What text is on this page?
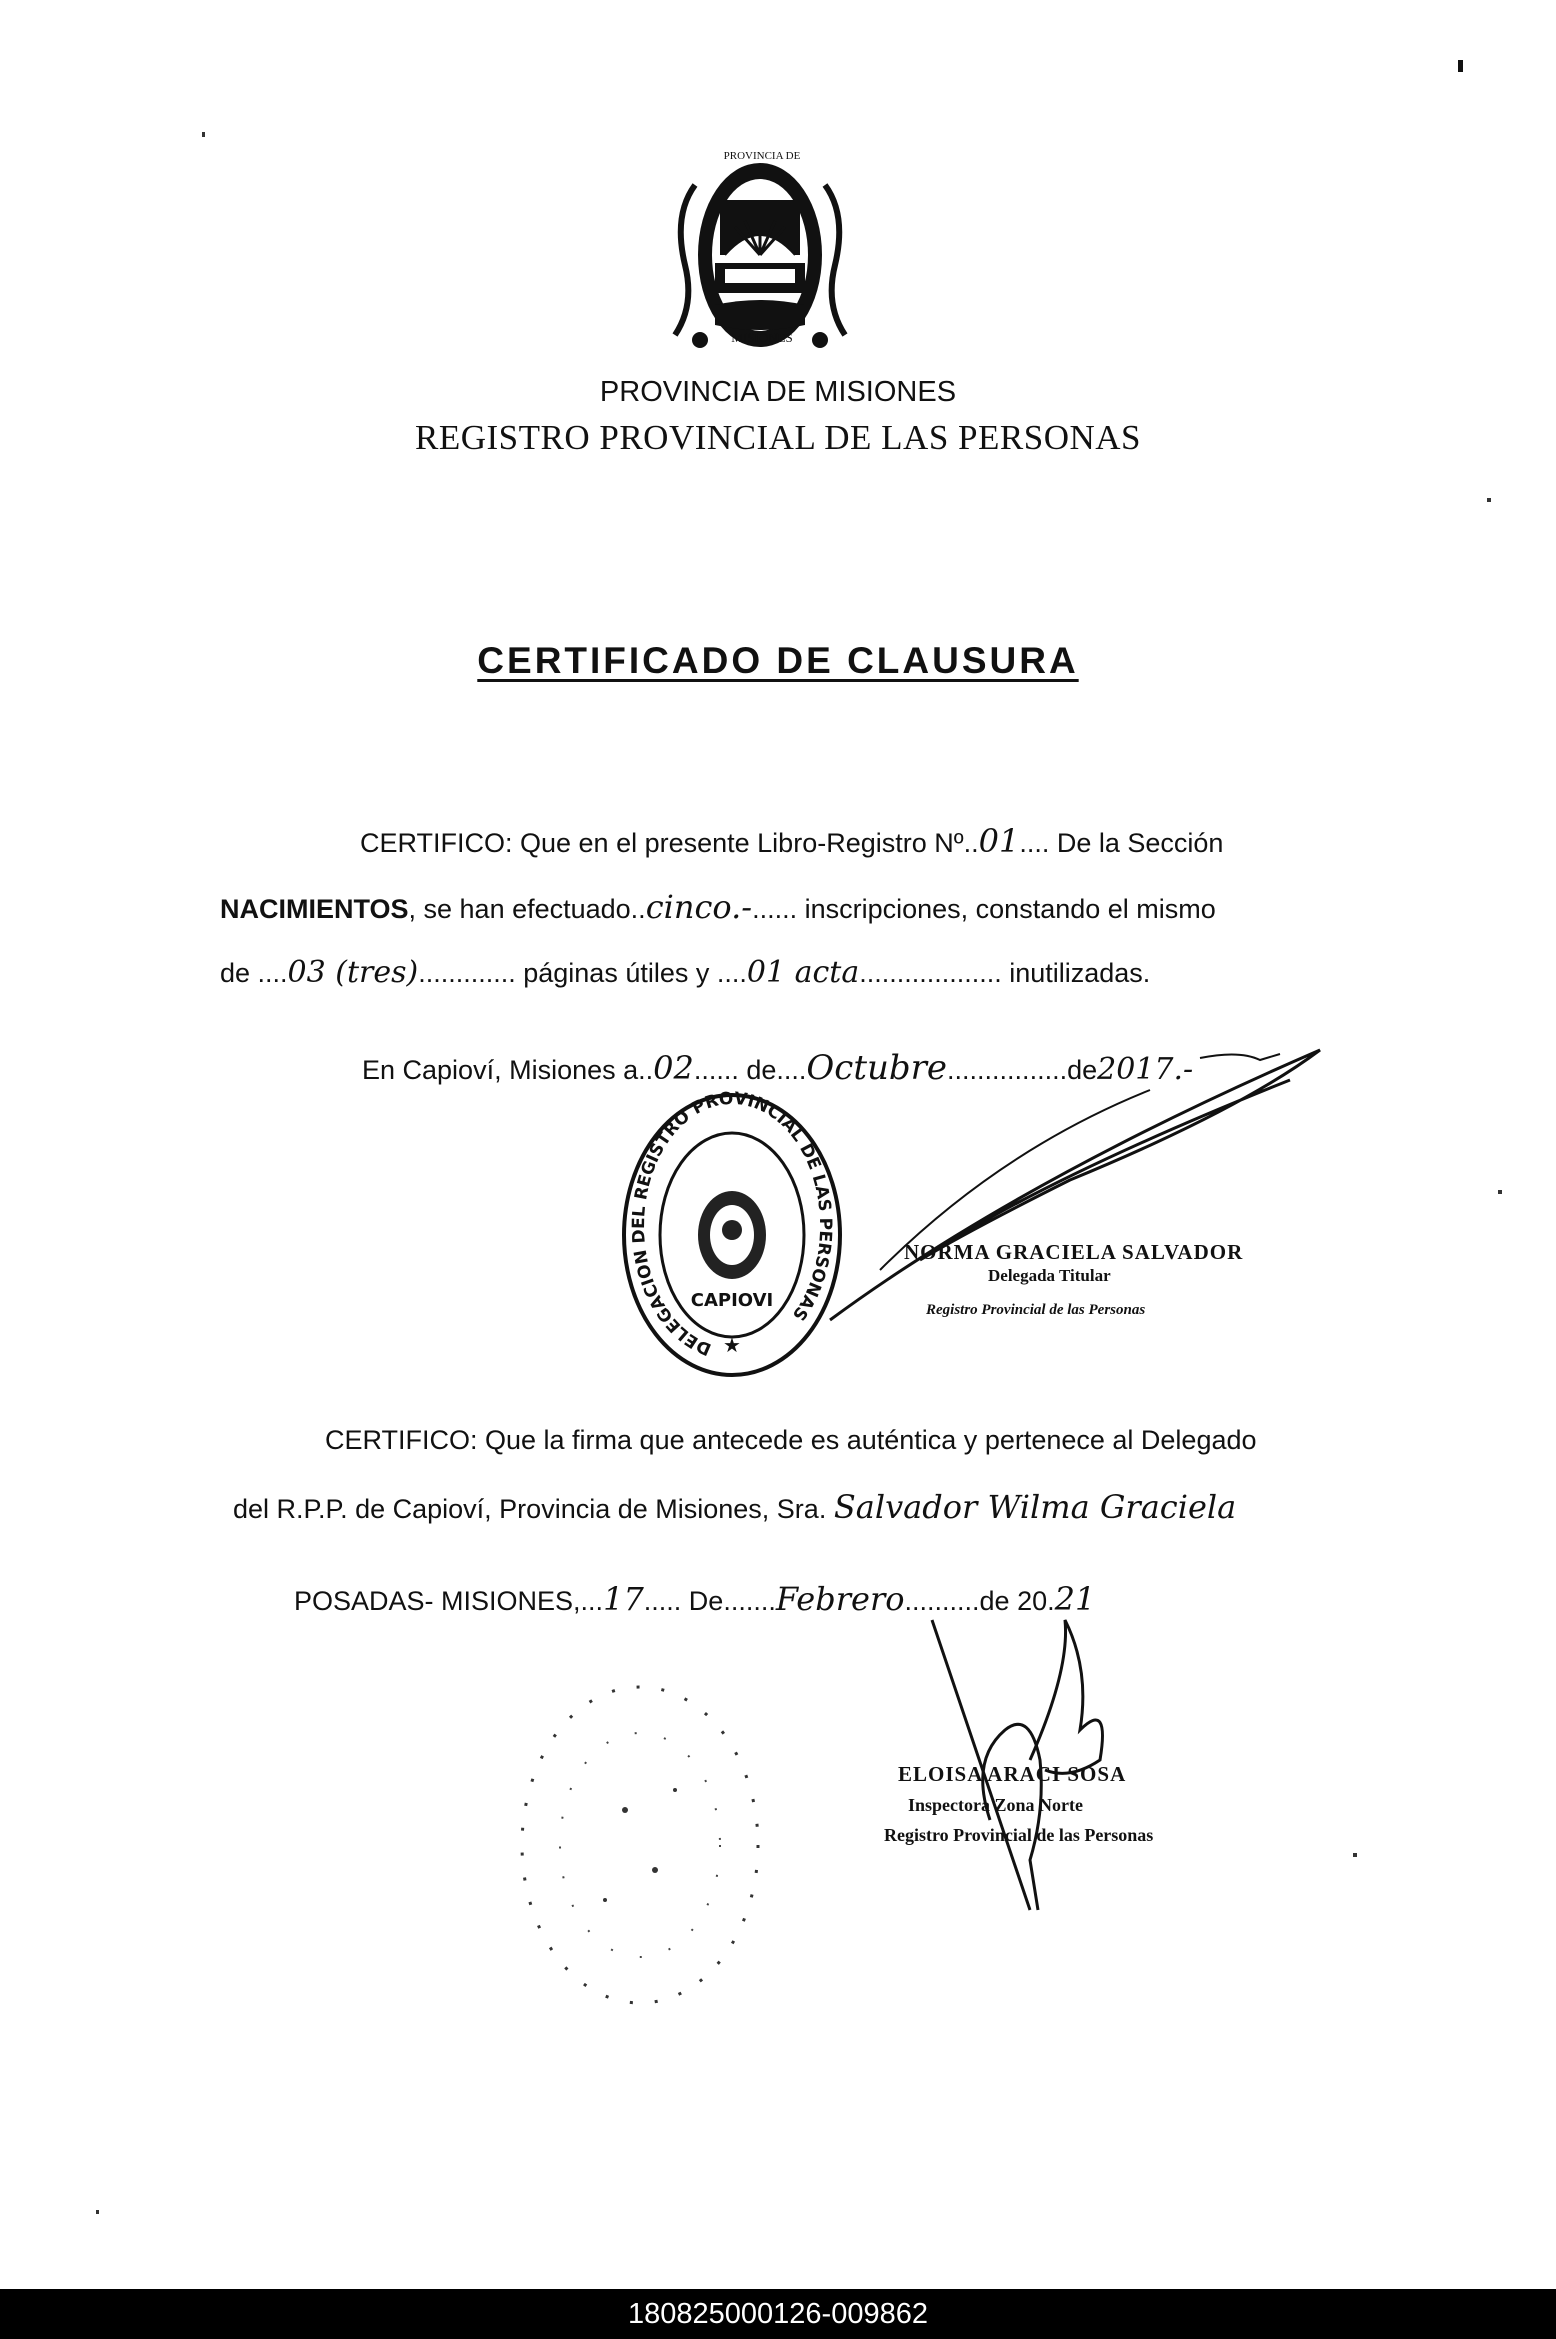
PROVINCIA DE
MISIONES
PROVINCIA DE MISIONES
REGISTRO PROVINCIAL DE LAS PERSONAS
CERTIFICADO DE CLAUSURA
CERTIFICO: Que en el presente Libro-Registro Nº..01.... De la Sección
NACIMIENTOS, se han efectuado..cinco.-...... inscripciones, constando el mismo
de ....03 (tres)............. páginas útiles y ....01 acta................... inutilizadas.
En Capioví, Misiones a..02...... de....Octubre................de2017.-
DELEGACION DEL REGISTRO PROVINCIAL DE LAS PERSONAS
CAPIOVI
★
NORMA GRACIELA SALVADOR
Delegada Titular
Registro Provincial de las Personas
CERTIFICO: Que la firma que antecede es auténtica y pertenece al Delegado
del R.P.P. de Capioví, Provincia de Misiones, Sra. Salvador Wilma Graciela
POSADAS- MISIONES,...17..... De.......Febrero..........de 20.21
ELOISA ARACI SOSA
Inspectora Zona Norte
Registro Provincial de las Personas
180825000126-009862
